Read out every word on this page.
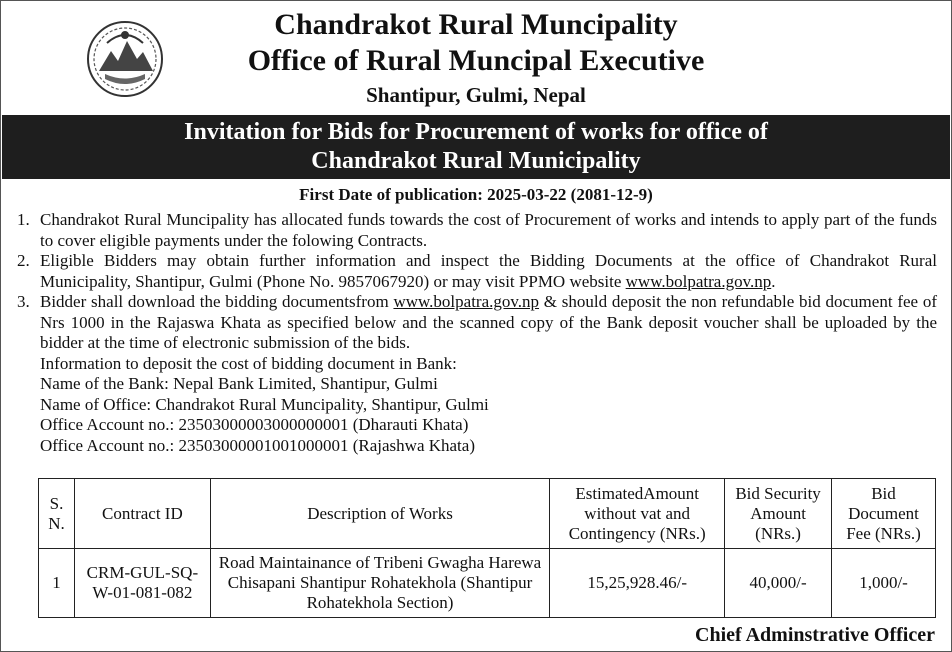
Chandrakot Rural Muncipality
Office of Rural Muncipal Executive
Shantipur, Gulmi, Nepal
Invitation for Bids for Procurement of works for office of
Chandrakot Rural Municipality
First Date of publication: 2025-03-22 (2081-12-9)
1. Chandrakot Rural Muncipality has allocated funds towards the cost of Procurement of works and intends to apply part of the funds to cover eligible payments under the folowing Contracts.
2. Eligible Bidders may obtain further information and inspect the Bidding Documents at the office of Chandrakot Rural Municipality, Shantipur, Gulmi (Phone No. 9857067920) or may visit PPMO website www.bolpatra.gov.np.
3. Bidder shall download the bidding documentsfrom www.bolpatra.gov.np & should deposit the non refundable bid document fee of Nrs 1000 in the Rajaswa Khata as specified below and the scanned copy of the Bank deposit voucher shall be uploaded by the bidder at the time of electronic submission of the bids.
Information to deposit the cost of bidding document in Bank:
Name of the Bank: Nepal Bank Limited, Shantipur, Gulmi
Name of Office: Chandrakot Rural Muncipality, Shantipur, Gulmi
Office Account no.: 23503000003000000001 (Dharauti Khata)
Office Account no.: 23503000001001000001 (Rajashwa Khata)
S. N.	Contract ID	Description of Works	EstimatedAmount without vat and Contingency (NRs.)	Bid Security Amount (NRs.)	Bid Document Fee (NRs.)
1	CRM-GUL-SQ-W-01-081-082	Road Maintainance of Tribeni Gwagha Harewa Chisapani Shantipur Rohatekhola (Shantipur Rohatekhola Section)	15,25,928.46/-	40,000/-	1,000/-
Chief Adminstrative Officer
